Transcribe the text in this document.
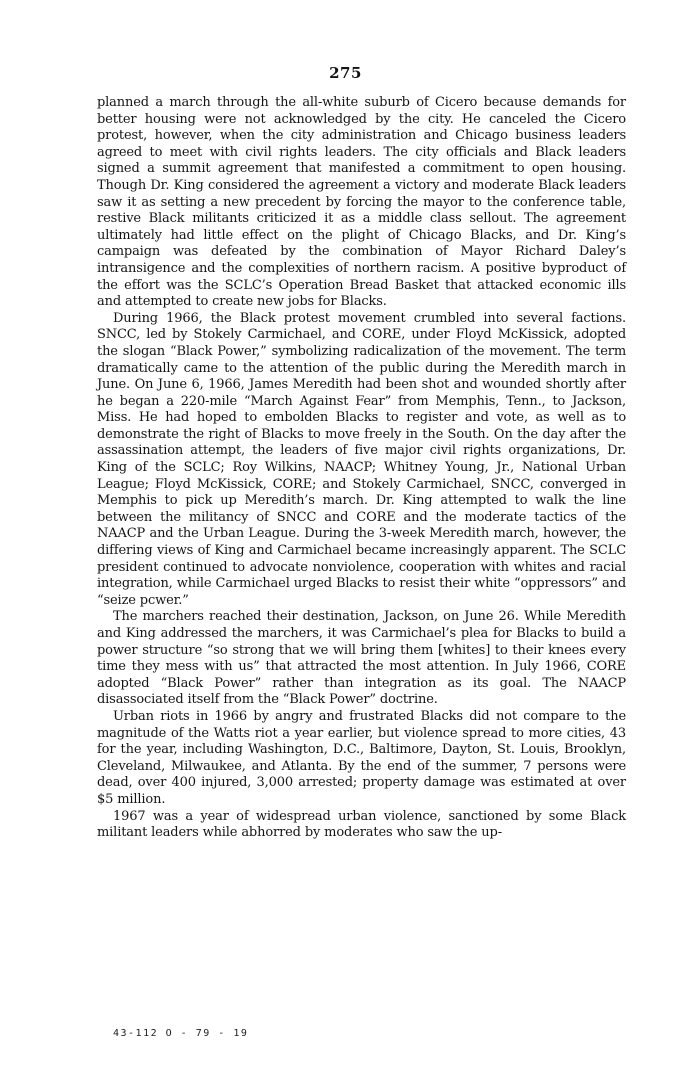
275

planned a march through the all-white suburb of Cicero because demands for better housing were not acknowledged by the city. He canceled the Cicero protest, however, when the city administration and Chicago business leaders agreed to meet with civil rights leaders. The city officials and Black leaders signed a summit agreement that manifested a commitment to open housing. Though Dr. King considered the agreement a victory and moderate Black leaders saw it as setting a new precedent by forcing the mayor to the conference table, restive Black militants criticized it as a middle class sellout. The agreement ultimately had little effect on the plight of Chicago Blacks, and Dr. King’s campaign was defeated by the combination of Mayor Richard Daley’s intransigence and the complexities of northern racism. A positive byproduct of the effort was the SCLC’s Operation Bread Basket that attacked economic ills and attempted to create new jobs for Blacks.

During 1966, the Black protest movement crumbled into several factions. SNCC, led by Stokely Carmichael, and CORE, under Floyd McKissick, adopted the slogan “Black Power,” symbolizing radicalization of the movement. The term dramatically came to the attention of the public during the Meredith march in June. On June 6, 1966, James Meredith had been shot and wounded shortly after he began a 220-mile “March Against Fear” from Memphis, Tenn., to Jackson, Miss. He had hoped to embolden Blacks to register and vote, as well as to demonstrate the right of Blacks to move freely in the South. On the day after the assassination attempt, the leaders of five major civil rights organizations, Dr. King of the SCLC; Roy Wilkins, NAACP; Whitney Young, Jr., National Urban League; Floyd McKissick, CORE; and Stokely Carmichael, SNCC, converged in Memphis to pick up Meredith’s march. Dr. King attempted to walk the line between the militancy of SNCC and CORE and the moderate tactics of the NAACP and the Urban League. During the 3-week Meredith march, however, the differing views of King and Carmichael became increasingly apparent. The SCLC president continued to advocate nonviolence, cooperation with whites and racial integration, while Carmichael urged Blacks to resist their white “oppressors” and “seize pcwer.”

The marchers reached their destination, Jackson, on June 26. While Meredith and King addressed the marchers, it was Carmichael’s plea for Blacks to build a power structure “so strong that we will bring them [whites] to their knees every time they mess with us” that attracted the most attention. In July 1966, CORE adopted “Black Power” rather than integration as its goal. The NAACP disassociated itself from the “Black Power” doctrine.

Urban riots in 1966 by angry and frustrated Blacks did not compare to the magnitude of the Watts riot a year earlier, but violence spread to more cities, 43 for the year, including Washington, D.C., Baltimore, Dayton, St. Louis, Brooklyn, Cleveland, Milwaukee, and Atlanta. By the end of the summer, 7 persons were dead, over 400 injured, 3,000 arrested; property damage was estimated at over $5 million.

1967 was a year of widespread urban violence, sanctioned by some Black militant leaders while abhorred by moderates who saw the up-

43-112 O - 79 - 19
